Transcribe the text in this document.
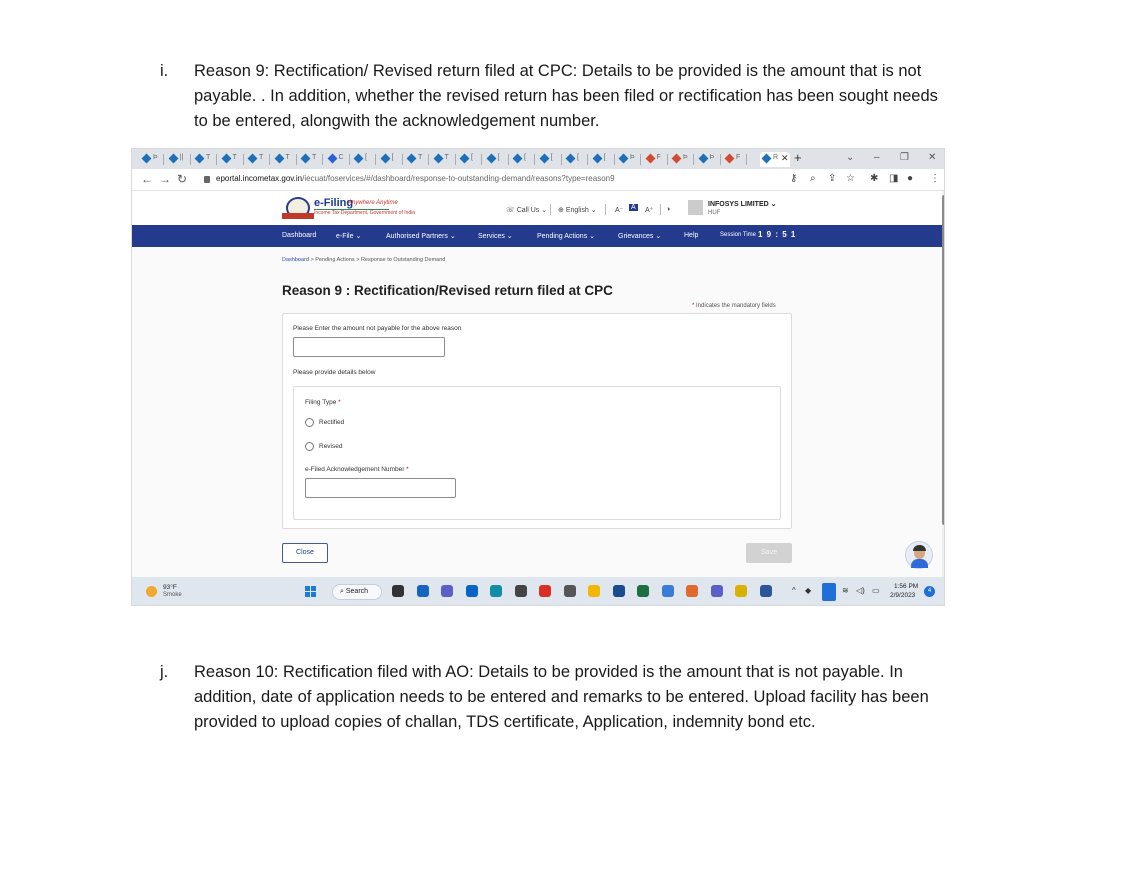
i.	Reason 9: Rectification/ Revised return filed at CPC: Details to be provided is the amount that is not payable. . In addition, whether the revised return has been filed or rectification has been sought needs to be entered, alongwith the acknowledgement number.
Þ	||	T	T	T	T	T	C	[	[	T	T	[	[	[	[	[	[	Þ	F	Þ	Þ	F	R ✕ +	⌄ – ❐ ✕
← → ↻	eportal.incometax.gov.in/iecuat/foservices/#/dashboard/response-to-outstanding-demand/reasons?type=reason9	⚷ ⌕ ⇪ ☆ ✱ ◨ ● ⋮
e-Filing
Anywhere Anytime
Income Tax Department, Government of India	☏ Call Us ⌄ ⊕ English ⌄	A⁻ A A⁺ ◑
INFOSYS LIMITED ⌄
HUF
Dashboard	e-File ⌄	Authorised Partners ⌄	Services ⌄	Pending Actions ⌄	Grievances ⌄	Help	Session Time 1 9 : 5 1
Dashboard > Pending Actions > Response to Outstanding Demand
Reason 9 : Rectification/Revised return filed at CPC
* Indicates the mandatory fields
Please Enter the amount not payable for the above reason
Please provide details below
Filing Type *
Rectified
Revised
e-Filed Acknowledgement Number *
Close	Save
93°F
Smoke	⌕ Search	^ ◆	≋ ◁) ▭ 1:56 PM
2/9/2023
4
j.	Reason 10: Rectification filed with AO: Details to be provided is the amount that is not payable. In addition, date of application needs to be entered and remarks to be entered. Upload facility has been provided to upload copies of challan, TDS certificate, Application, indemnity bond etc.
